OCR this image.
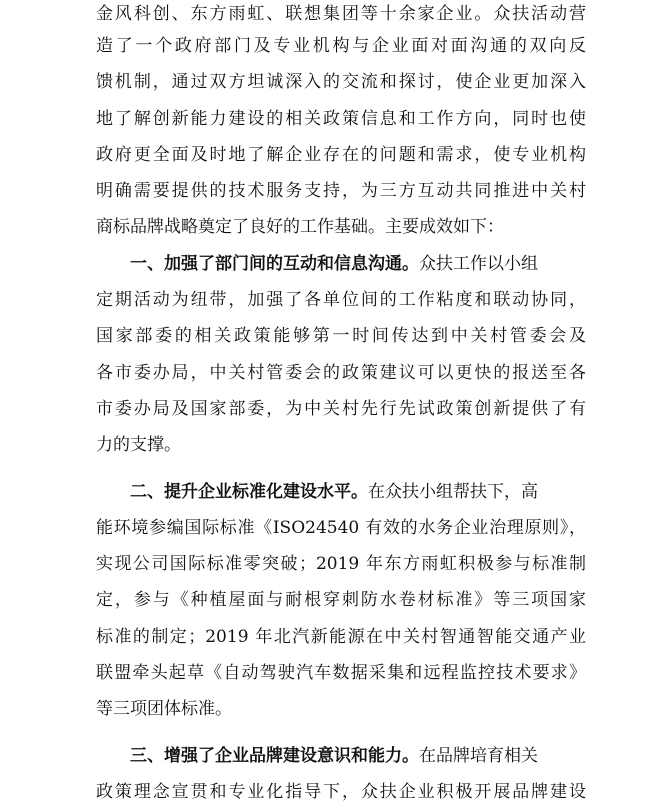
金风科创、东方雨虹、联想集团等十余家企业。众扶活动营
造了一个政府部门及专业机构与企业面对面沟通的双向反
馈机制，通过双方坦诚深入的交流和探讨，使企业更加深入
地了解创新能力建设的相关政策信息和工作方向，同时也使
政府更全面及时地了解企业存在的问题和需求，使专业机构
明确需要提供的技术服务支持，为三方互动共同推进中关村
商标品牌战略奠定了良好的工作基础。主要成效如下：
一、加强了部门间的互动和信息沟通。众扶工作以小组
定期活动为纽带，加强了各单位间的工作粘度和联动协同，
国家部委的相关政策能够第一时间传达到中关村管委会及
各市委办局，中关村管委会的政策建议可以更快的报送至各
市委办局及国家部委，为中关村先行先试政策创新提供了有
力的支撑。
二、提升企业标准化建设水平。在众扶小组帮扶下，高
能环境参编国际标准《ISO24540 有效的水务企业治理原则》，
实现公司国际标准零突破；2019 年东方雨虹积极参与标准制
定，参与《种植屋面与耐根穿刺防水卷材标准》等三项国家
标准的制定；2019 年北汽新能源在中关村智通智能交通产业
联盟牵头起草《自动驾驶汽车数据采集和远程监控技术要求》
等三项团体标准。
三、增强了企业品牌建设意识和能力。在品牌培育相关
政策理念宣贯和专业化指导下，众扶企业积极开展品牌建设
